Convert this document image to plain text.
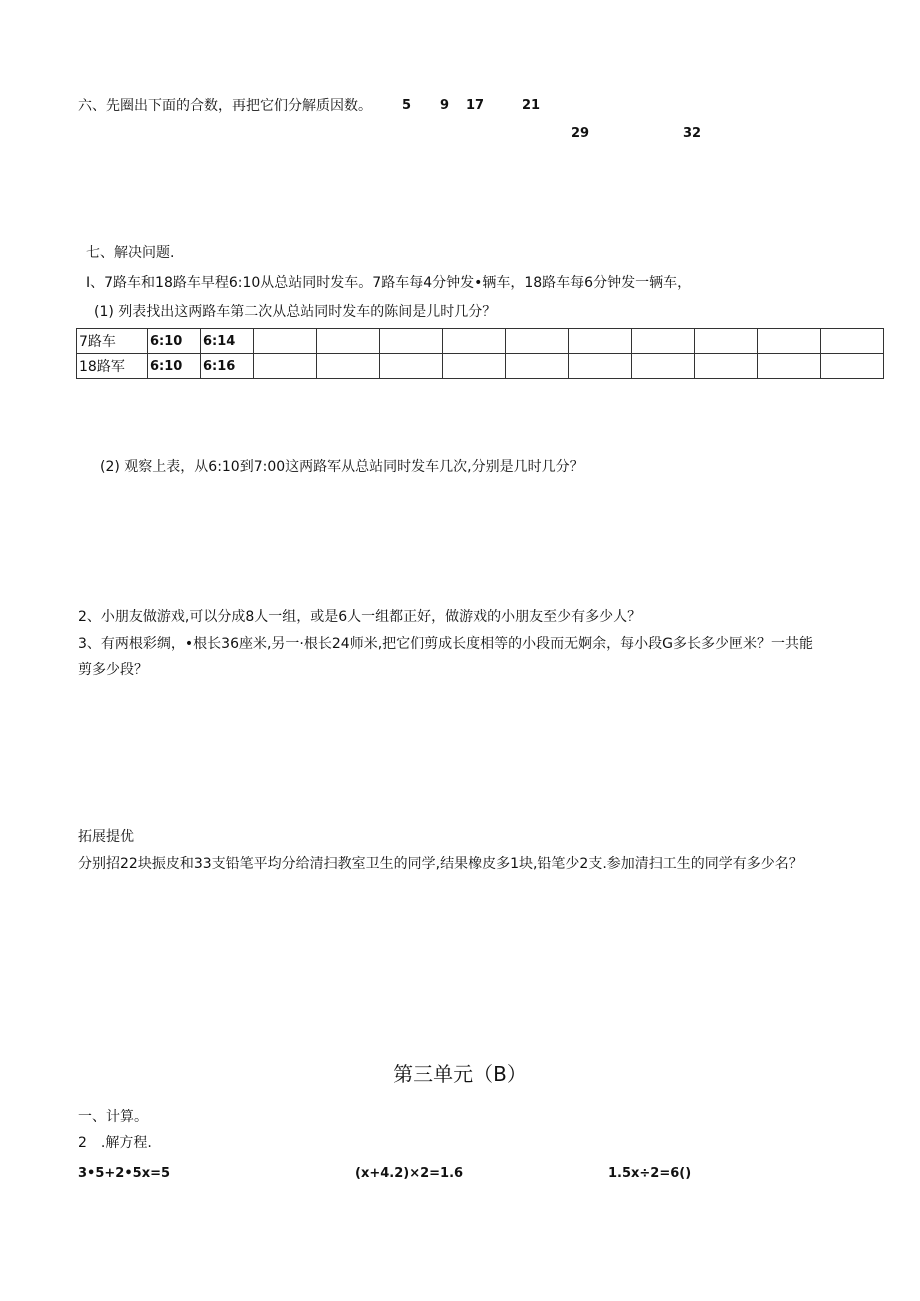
六、先圈出下面的合数，再把它们分解质因数。 5 9 17	21
29	32
七、解决问题.
I、7路车和18路车早程6:10从总站同时发车。7路车每4分钟发•辆车，18路车每6分钟发一辆车，
(1) 列表找出这两路车第二次从总站同时发车的陈间是儿时几分？
7路车	6:10	6:14										
18路军	6:10	6:16										
(2) 观察上表，从6:10到7:00这两路军从总站同时发车几次,分别是几时几分？
2、小朋友做游戏,可以分成8人一组，或是6人一组都正好，做游戏的小朋友至少有多少人？
3、有两根彩绸，•根长36座米,另一·根长24师米,把它们剪成长度相等的小段而无婀余，每小段G多长多少匣米？一共能
剪多少段？
拓展提优
分别招22块振皮和33支铅笔平均分给清扫教室卫生的同学,结果橡皮多1块,铅笔少2支.参加清扫工生的同学有多少名？
第三单元（B）
一、计算。
2　.解方程.
3•5+2•5x=5	(x+4.2)×2=1.6	1.5x÷2=6()
